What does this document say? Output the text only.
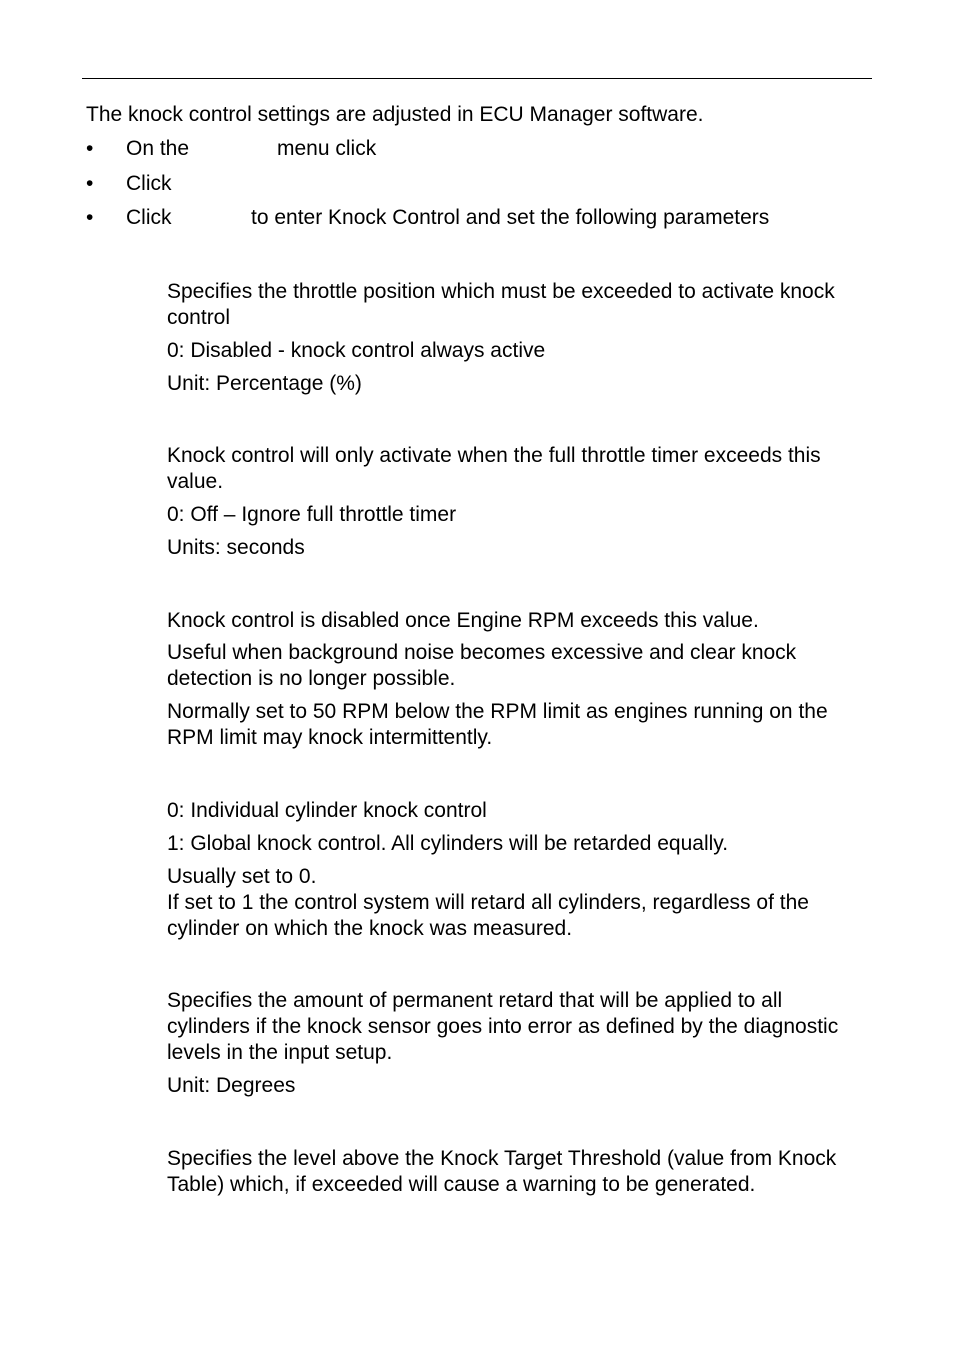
The knock control settings are adjusted in ECU Manager software.
•	On the	menu click
•	Click
•	Click	to enter Knock Control and set the following parameters
Specifies the throttle position which must be exceeded to activate knock control
0: Disabled - knock control always active
Unit: Percentage (%)
Knock control will only activate when the full throttle timer exceeds this value.
0: Off – Ignore full throttle timer
Units: seconds
Knock control is disabled once Engine RPM exceeds this value.
Useful when background noise becomes excessive and clear knock detection is no longer possible.
Normally set to 50 RPM below the RPM limit as engines running on the RPM limit may knock intermittently.
0: Individual cylinder knock control
1: Global knock control. All cylinders will be retarded equally.
Usually set to 0.
If set to 1 the control system will retard all cylinders, regardless of the cylinder on which the knock was measured.
Specifies the amount of permanent retard that will be applied to all cylinders if the knock sensor goes into error as defined by the diagnostic levels in the input setup.
Unit: Degrees
Specifies the level above the Knock Target Threshold (value from Knock Table) which, if exceeded will cause a warning to be generated.
